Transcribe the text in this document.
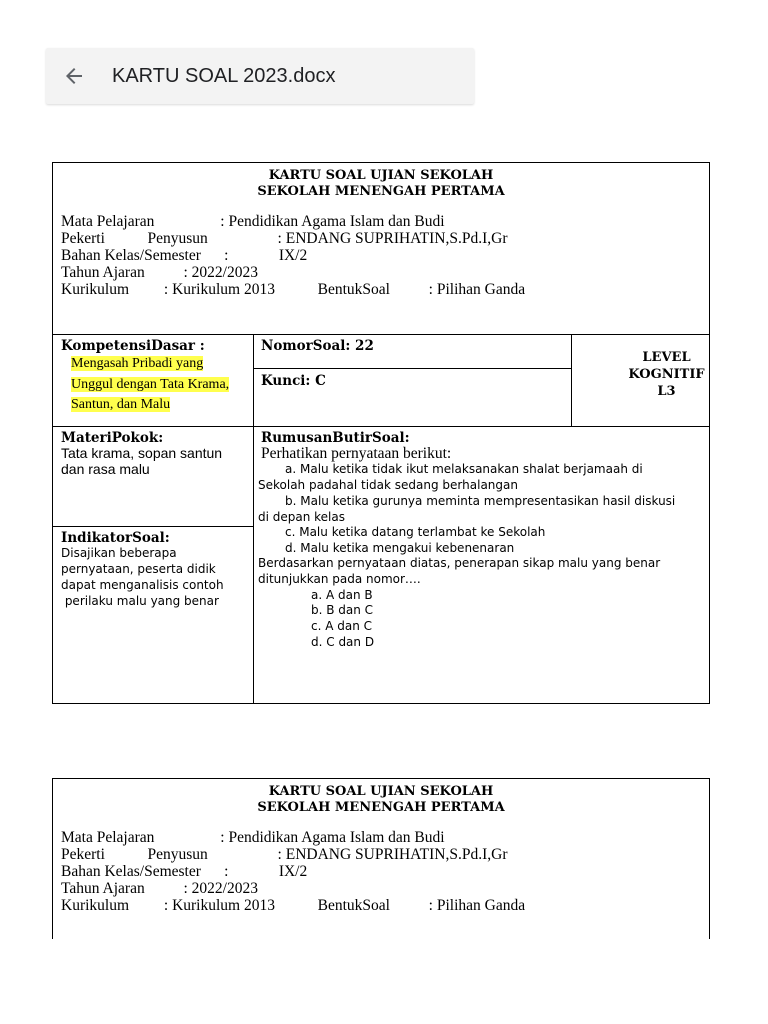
KARTU SOAL 2023.docx
KARTU SOAL UJIAN SEKOLAH
SEKOLAH MENENGAH PERTAMA
Mata Pelajaran                 : Pendidikan Agama Islam dan Budi
Pekerti           Penyusun                  : ENDANG SUPRIHATIN,S.Pd.I,Gr
Bahan Kelas/Semester      :             IX/2
Tahun Ajaran          : 2022/2023
Kurikulum         : Kurikulum 2013           BentukSoal          : Pilihan Ganda
KompetensiDasar :
Mengasah Pribadi yang
Unggul dengan Tata Krama,
Santun, dan Malu
NomorSoal: 22
Kunci: C
LEVEL
KOGNITIF
L3
MateriPokok:
Tata krama, sopan santun
dan rasa malu
IndikatorSoal:
Disajikan beberapa
pernyataan, peserta didik
dapat menganalisis contoh
perilaku malu yang benar
RumusanButirSoal:
Perhatikan pernyataan berikut:
a. Malu ketika tidak ikut melaksanakan shalat berjamaah di
Sekolah padahal tidak sedang berhalangan
b. Malu ketika gurunya meminta mempresentasikan hasil diskusi
di depan kelas
c. Malu ketika datang terlambat ke Sekolah
d. Malu ketika mengakui kebenenaran
Berdasarkan pernyataan diatas, penerapan sikap malu yang benar
ditunjukkan pada nomor….
a. A dan B
b. B dan C
c. A dan C
d. C dan D
KARTU SOAL UJIAN SEKOLAH
SEKOLAH MENENGAH PERTAMA
Mata Pelajaran                 : Pendidikan Agama Islam dan Budi
Pekerti           Penyusun                  : ENDANG SUPRIHATIN,S.Pd.I,Gr
Bahan Kelas/Semester      :             IX/2
Tahun Ajaran          : 2022/2023
Kurikulum         : Kurikulum 2013           BentukSoal          : Pilihan Ganda
